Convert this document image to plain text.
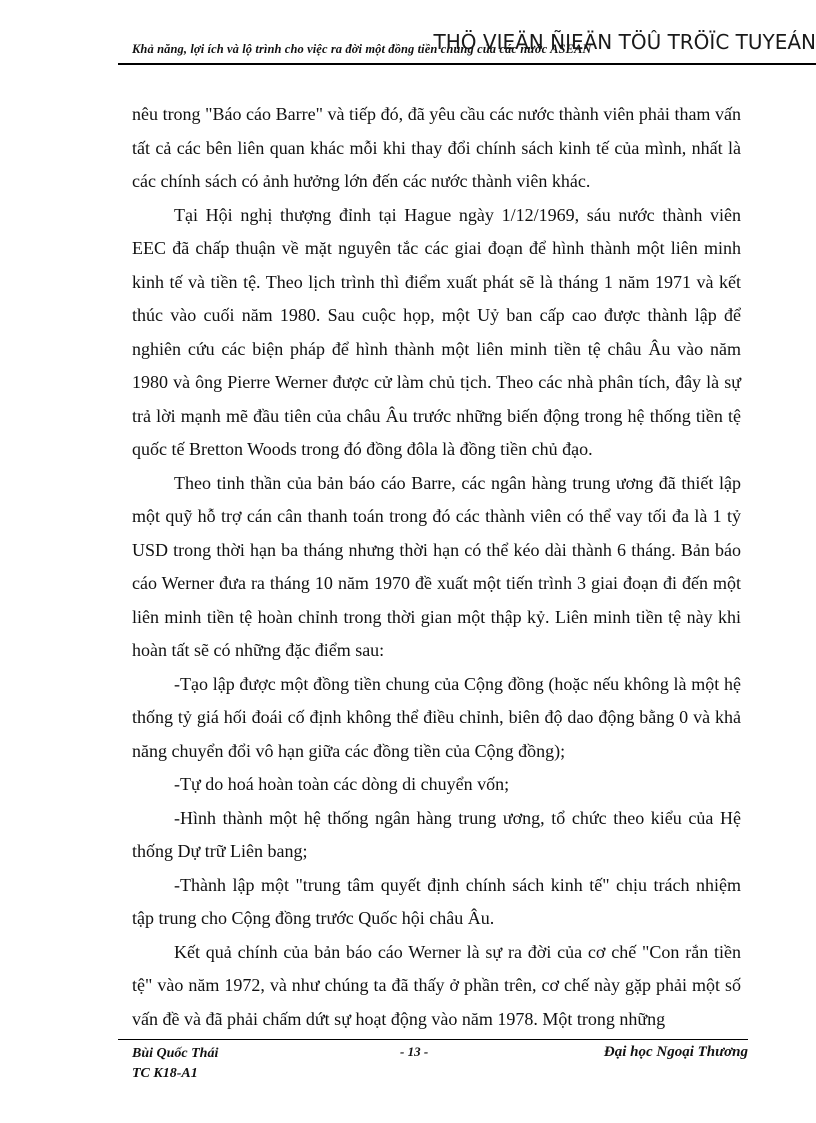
Khả năng, lợi ích và lộ trình cho việc ra đời một đồng tiền chung của các nước ASEAN
THÖ VIEÄN ÑIEÄN TÖÛ TRÖÏC TUYEÁN

nêu trong "Báo cáo Barre" và tiếp đó, đã yêu cầu các nước thành viên phải tham vấn tất cả các bên liên quan khác mỗi khi thay đổi chính sách kinh tế của mình, nhất là các chính sách có ảnh hưởng lớn đến các nước thành viên khác.

Tại Hội nghị thượng đỉnh tại Hague ngày 1/12/1969, sáu nước thành viên EEC đã chấp thuận về mặt nguyên tắc các giai đoạn để hình thành một liên minh kinh tế và tiền tệ. Theo lịch trình thì điểm xuất phát sẽ là tháng 1 năm 1971 và kết thúc vào cuối năm 1980. Sau cuộc họp, một Uỷ ban cấp cao được thành lập để nghiên cứu các biện pháp để hình thành một liên minh tiền tệ châu Âu vào năm 1980 và ông Pierre Werner được cử làm chủ tịch. Theo các nhà phân tích, đây là sự trả lời mạnh mẽ đầu tiên của châu Âu trước những biến động trong hệ thống tiền tệ quốc tế Bretton Woods trong đó đồng đôla là đồng tiền chủ đạo.

Theo tinh thần của bản báo cáo Barre, các ngân hàng trung ương đã thiết lập một quỹ hỗ trợ cán cân thanh toán trong đó các thành viên có thể vay tối đa là 1 tỷ USD trong thời hạn ba tháng nhưng thời hạn có thể kéo dài thành 6 tháng. Bản báo cáo Werner đưa ra tháng 10 năm 1970 đề xuất một tiến trình 3 giai đoạn đi đến một liên minh tiền tệ hoàn chỉnh trong thời gian một thập kỷ. Liên minh tiền tệ này khi hoàn tất sẽ có những đặc điểm sau:

-Tạo lập được một đồng tiền chung của Cộng đồng (hoặc nếu không là một hệ thống tỷ giá hối đoái cố định không thể điều chỉnh, biên độ dao động bằng 0 và khả năng chuyển đổi vô hạn giữa các đồng tiền của Cộng đồng);

-Tự do hoá hoàn toàn các dòng di chuyển vốn;

-Hình thành một hệ thống ngân hàng trung ương, tổ chức theo kiểu của Hệ thống Dự trữ Liên bang;

-Thành lập một "trung tâm quyết định chính sách kinh tế" chịu trách nhiệm tập trung cho Cộng đồng trước Quốc hội châu Âu.

Kết quả chính của bản báo cáo Werner là sự ra đời của cơ chế "Con rắn tiền tệ" vào năm 1972, và như chúng ta đã thấy ở phần trên, cơ chế này gặp phải một số vấn đề và đã phải chấm dứt sự hoạt động vào năm 1978. Một trong những

Bùi Quốc Thái
TC K18-A1
- 13 -	Đại học Ngoại Thương
